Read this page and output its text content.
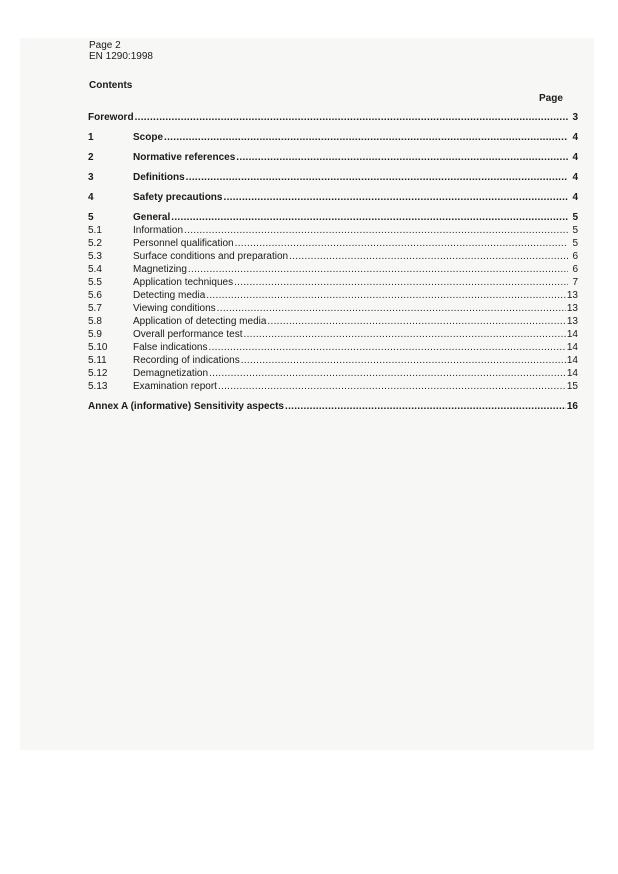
Page 2
EN 1290:1998
Contents
Page
Foreword .....	3
1	Scope .....	4
2	Normative references .....	4
3	Definitions .....	4
4	Safety precautions .....	4
5	General .....	5
5.1	Information .....	5
5.2	Personnel qualification .....	5
5.3	Surface conditions and preparation .....	6
5.4	Magnetizing .....	6
5.5	Application techniques .....	7
5.6	Detecting media .....	13
5.7	Viewing conditions .....	13
5.8	Application of detecting media .....	13
5.9	Overall performance test .....	14
5.10	False indications .....	14
5.11	Recording of indications .....	14
5.12	Demagnetization .....	14
5.13	Examination report .....	15
Annex A (informative) Sensitivity aspects .....	16
